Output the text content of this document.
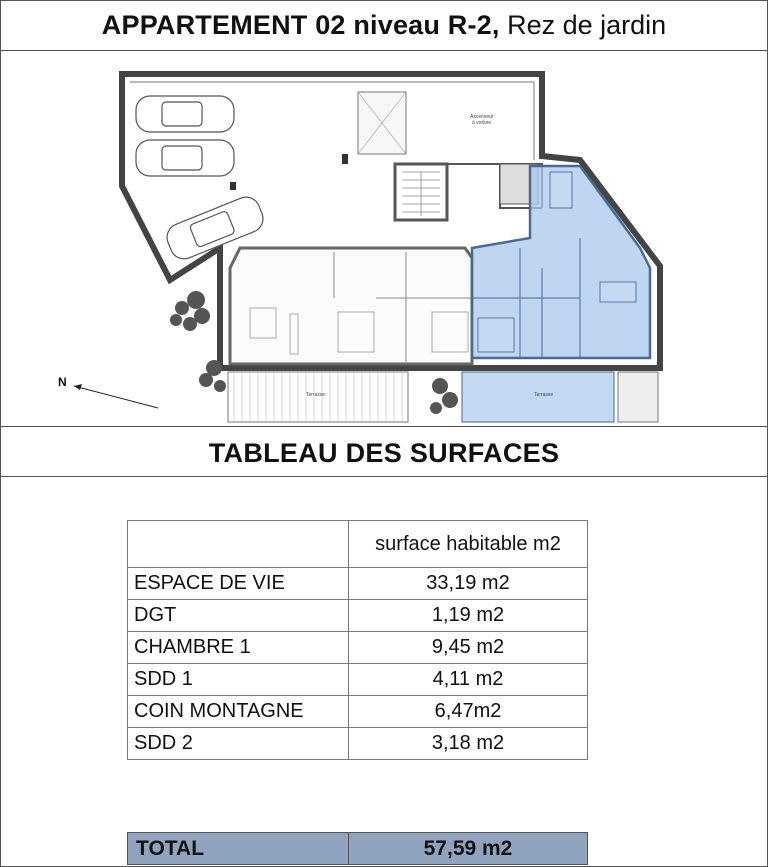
APPARTEMENT 02 niveau R-2,
Rez de jardin
Ascenseur
à voiture
Terrasse	Terrasse
N
TABLEAU DES SURFACES
	surface habitable m2
ESPACE DE VIE	33,19 m2
DGT	1,19 m2
CHAMBRE 1	9,45 m2
SDD 1	4,11 m2
COIN MONTAGNE	6,47m2
SDD 2	3,18 m2
TOTAL	57,59 m2
